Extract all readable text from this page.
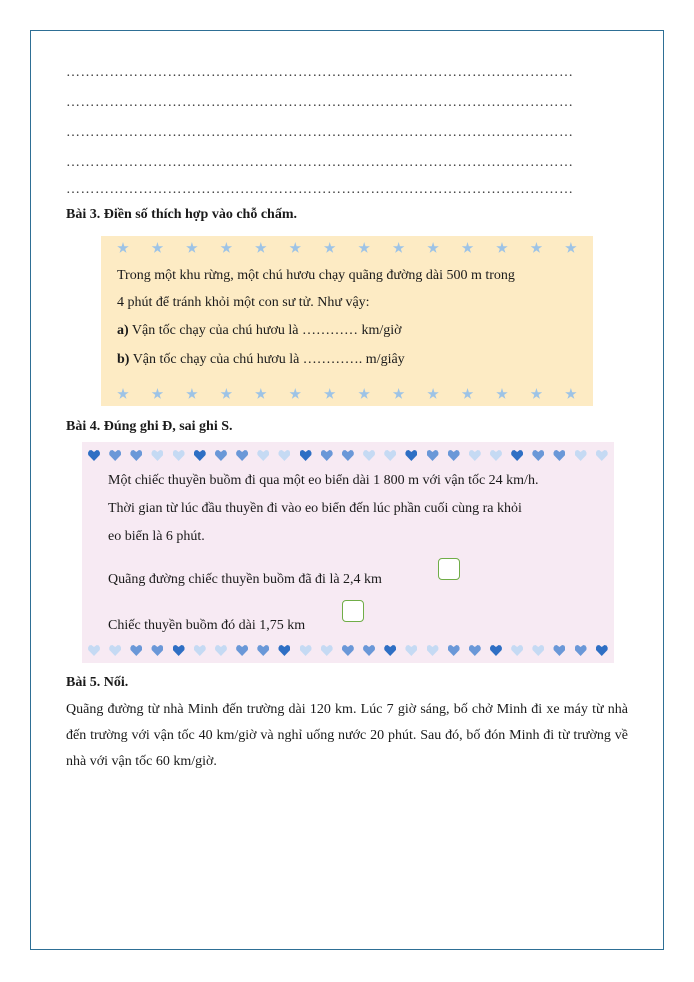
……………………………………………………………………………………………
……………………………………………………………………………………………
……………………………………………………………………………………………
……………………………………………………………………………………………
……………………………………………………………………………………………
Bài 3. Điền số thích hợp vào chỗ chấm.
Trong một khu rừng, một chú hươu chạy quãng đường dài 500 m trong
4 phút để tránh khỏi một con sư tử. Như vậy:
a) Vận tốc chạy của chú hươu là ………… km/giờ
b) Vận tốc chạy của chú hươu là …………. m/giây
Bài 4. Đúng ghi Đ, sai ghi S.
Một chiếc thuyền buồm đi qua một eo biển dài 1 800 m với vận tốc 24 km/h.
Thời gian từ lúc đầu thuyền đi vào eo biển đến lúc phần cuối cùng ra khỏi
eo biển là 6 phút.
Quãng đường chiếc thuyền buồm đã đi là 2,4 km
Chiếc thuyền buồm đó dài 1,75 km
Bài 5. Nối.
Quãng đường từ nhà Minh đến trường dài 120 km. Lúc 7 giờ sáng, bố chở Minh đi xe máy từ nhà đến trường với vận tốc 40 km/giờ và nghỉ uống nước 20 phút. Sau đó, bố đón Minh đi từ trường về nhà với vận tốc 60 km/giờ.
